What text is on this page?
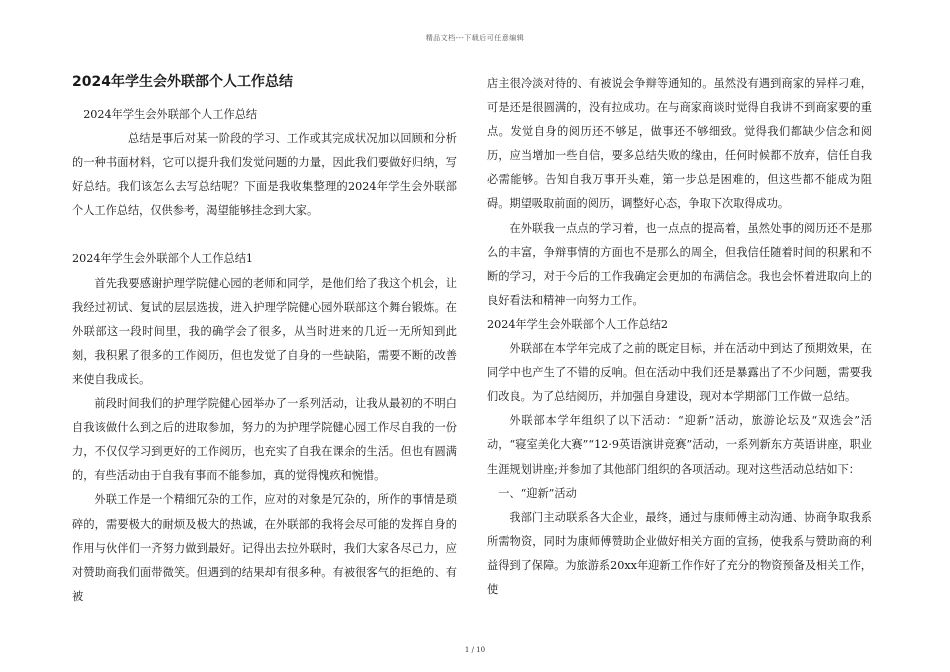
精品文档---下载后可任意编辑
2024年学生会外联部个人工作总结

2024年学生会外联部个人工作总结

总结是事后对某一阶段的学习、工作或其完成状况加以回顾和分析的一种书面材料，它可以提升我们发觉问题的力量，因此我们要做好归纳，写好总结。我们该怎么去写总结呢？下面是我收集整理的2024年学生会外联部个人工作总结，仅供参考，渴望能够挂念到大家。

2024年学生会外联部个人工作总结1

首先我要感谢护理学院健心园的老师和同学，是他们给了我这个机会，让我经过初试、复试的层层选拔，进入护理学院健心园外联部这个舞台锻炼。在外联部这一段时间里，我的确学会了很多，从当时进来的几近一无所知到此刻，我积累了很多的工作阅历，但也发觉了自身的一些缺陷，需要不断的改善来使自我成长。

前段时间我们的护理学院健心园举办了一系列活动，让我从最初的不明白自我该做什么到之后的进取参加，努力的为护理学院健心园工作尽自我的一份力，不仅仅学习到更好的工作阅历，也充实了自我在课余的生活。但也有圆满的，有些活动由于自我有事而不能参加，真的觉得愧疚和惋惜。

外联工作是一个精细冗杂的工作，应对的对象是冗杂的，所作的事情是琐碎的，需要极大的耐烦及极大的热诚，在外联部的我将会尽可能的发挥自身的作用与伙伴们一齐努力做到最好。记得出去拉外联时，我们大家各尽己力，应对赞助商我们面带微笑。但遇到的结果却有很多种。有被很客气的拒绝的、有被

店主很冷淡对待的、有被说会争辩等通知的。虽然没有遇到商家的异样刁难，可是还是很圆满的，没有拉成功。在与商家商谈时觉得自我讲不到商家要的重点。发觉自身的阅历还不够足，做事还不够细致。觉得我们都缺少信念和阅历，应当增加一些自信，要多总结失败的缘由，任何时候都不放弃，信任自我必需能够。告知自我万事开头难，第一步总是困难的，但这些都不能成为阻碍。期望吸取前面的阅历，调整好心态，争取下次取得成功。

在外联我一点点的学习着，也一点点的提高着，虽然处事的阅历还不是那么的丰富，争辩事情的方面也不是那么的周全，但我信任随着时间的积累和不断的学习，对于今后的工作我确定会更加的布满信念。我也会怀着进取向上的良好看法和精神一向努力工作。

2024年学生会外联部个人工作总结2

外联部在本学年完成了之前的既定目标，并在活动中到达了预期效果，在同学中也产生了不错的反响。但在活动中我们还是暴露出了不少问题，需要我们改良。为了总结阅历，并加强自身建设，现对本学期部门工作做一总结。

外联部本学年组织了以下活动：“迎新”活动，旅游论坛及“双选会”活动，“寝室美化大赛”“12·9英语演讲竞赛”活动，一系列新东方英语讲座，职业生涯规划讲座;并参加了其他部门组织的各项活动。现对这些活动总结如下：

一、“迎新”活动

我部门主动联系各大企业，最终，通过与康师傅主动沟通、协商争取我系所需物资，同时为康师傅赞助企业做好相关方面的宣扬，使我系与赞助商的利益得到了保障。为旅游系20xx年迎新工作作好了充分的物资预备及相关工作，使

1 / 10
